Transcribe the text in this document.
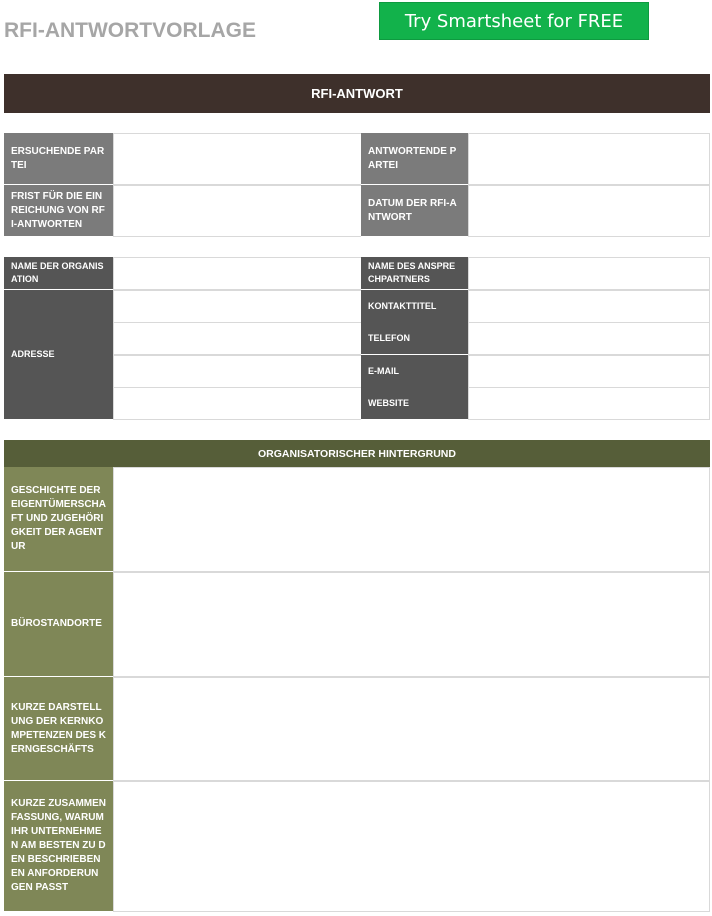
RFI-ANTWORTVORLAGE	Try Smartsheet for FREE
RFI-ANTWORT
ERSUCHENDE PARTEI
ANTWORTENDE PARTEI
FRIST FÜR DIE EINREICHUNG VON RFI-ANTWORTEN
DATUM DER RFI-ANTWORT
NAME DER ORGANISATION
ADRESSE
NAME DES ANSPRECHPARTNERS
KONTAKTTITEL
TELEFON
E-MAIL
WEBSITE
ORGANISATORISCHER HINTERGRUND
GESCHICHTE DER EIGENTÜMERSCHAFT UND ZUGEHÖRIGKEIT DER AGENTUR
BÜROSTANDORTE
KURZE DARSTELLUNG DER KERNKOMPETENZEN DES KERNGESCHÄFTS
KURZE ZUSAMMENFASSUNG, WARUM IHR UNTERNEHMEN AM BESTEN ZU DEN BESCHRIEBENEN ANFORDERUNGEN PASST
